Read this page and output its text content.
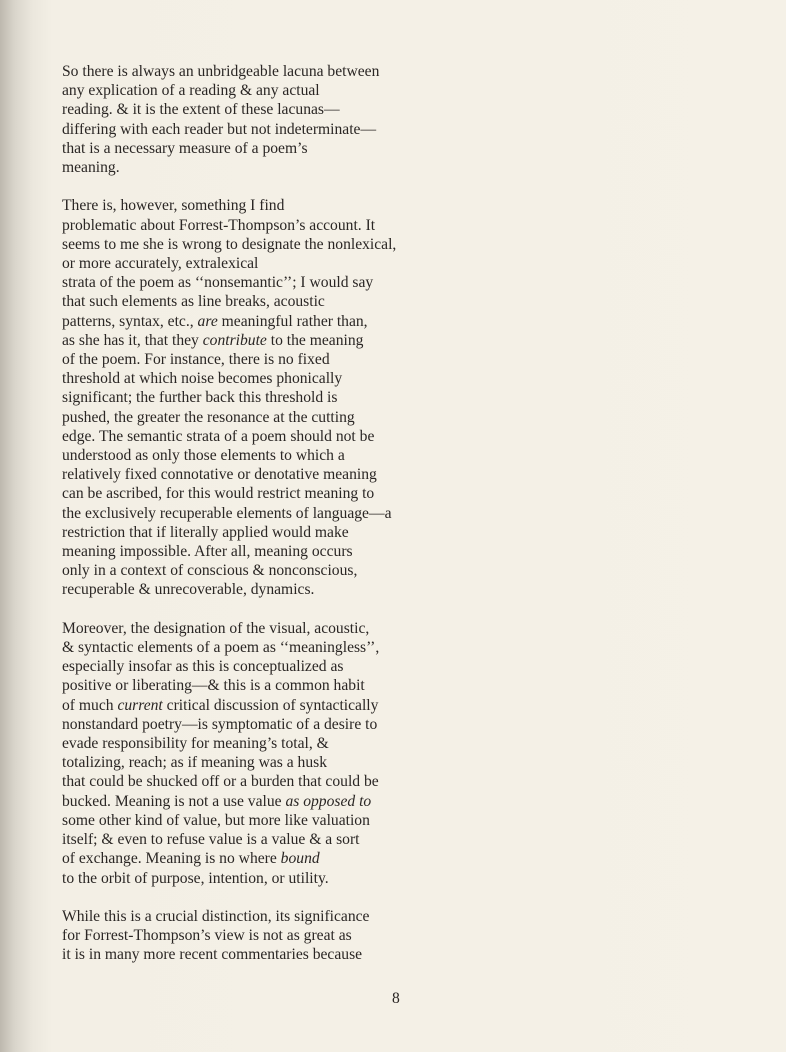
So there is always an unbridgeable lacuna between
any explication of a reading & any actual
reading. & it is the extent of these lacunas—
differing with each reader but not indeterminate—
that is a necessary measure of a poem’s
meaning.

There is, however, something I find
problematic about Forrest-Thompson’s account. It
seems to me she is wrong to designate the nonlexical,
or more accurately, extralexical
strata of the poem as ‘‘nonsemantic’’; I would say
that such elements as line breaks, acoustic
patterns, syntax, etc., are meaningful rather than,
as she has it, that they contribute to the meaning
of the poem. For instance, there is no fixed
threshold at which noise becomes phonically
significant; the further back this threshold is
pushed, the greater the resonance at the cutting
edge. The semantic strata of a poem should not be
understood as only those elements to which a
relatively fixed connotative or denotative meaning
can be ascribed, for this would restrict meaning to
the exclusively recuperable elements of language—a
restriction that if literally applied would make
meaning impossible. After all, meaning occurs
only in a context of conscious & nonconscious,
recuperable & unrecoverable, dynamics.

Moreover, the designation of the visual, acoustic,
& syntactic elements of a poem as ‘‘meaningless’’,
especially insofar as this is conceptualized as
positive or liberating—& this is a common habit
of much current critical discussion of syntactically
nonstandard poetry—is symptomatic of a desire to
evade responsibility for meaning’s total, &
totalizing, reach; as if meaning was a husk
that could be shucked off or a burden that could be
bucked. Meaning is not a use value as opposed to
some other kind of value, but more like valuation
itself; & even to refuse value is a value & a sort
of exchange. Meaning is no where bound
to the orbit of purpose, intention, or utility.

While this is a crucial distinction, its significance
for Forrest-Thompson’s view is not as great as
it is in many more recent commentaries because

8
